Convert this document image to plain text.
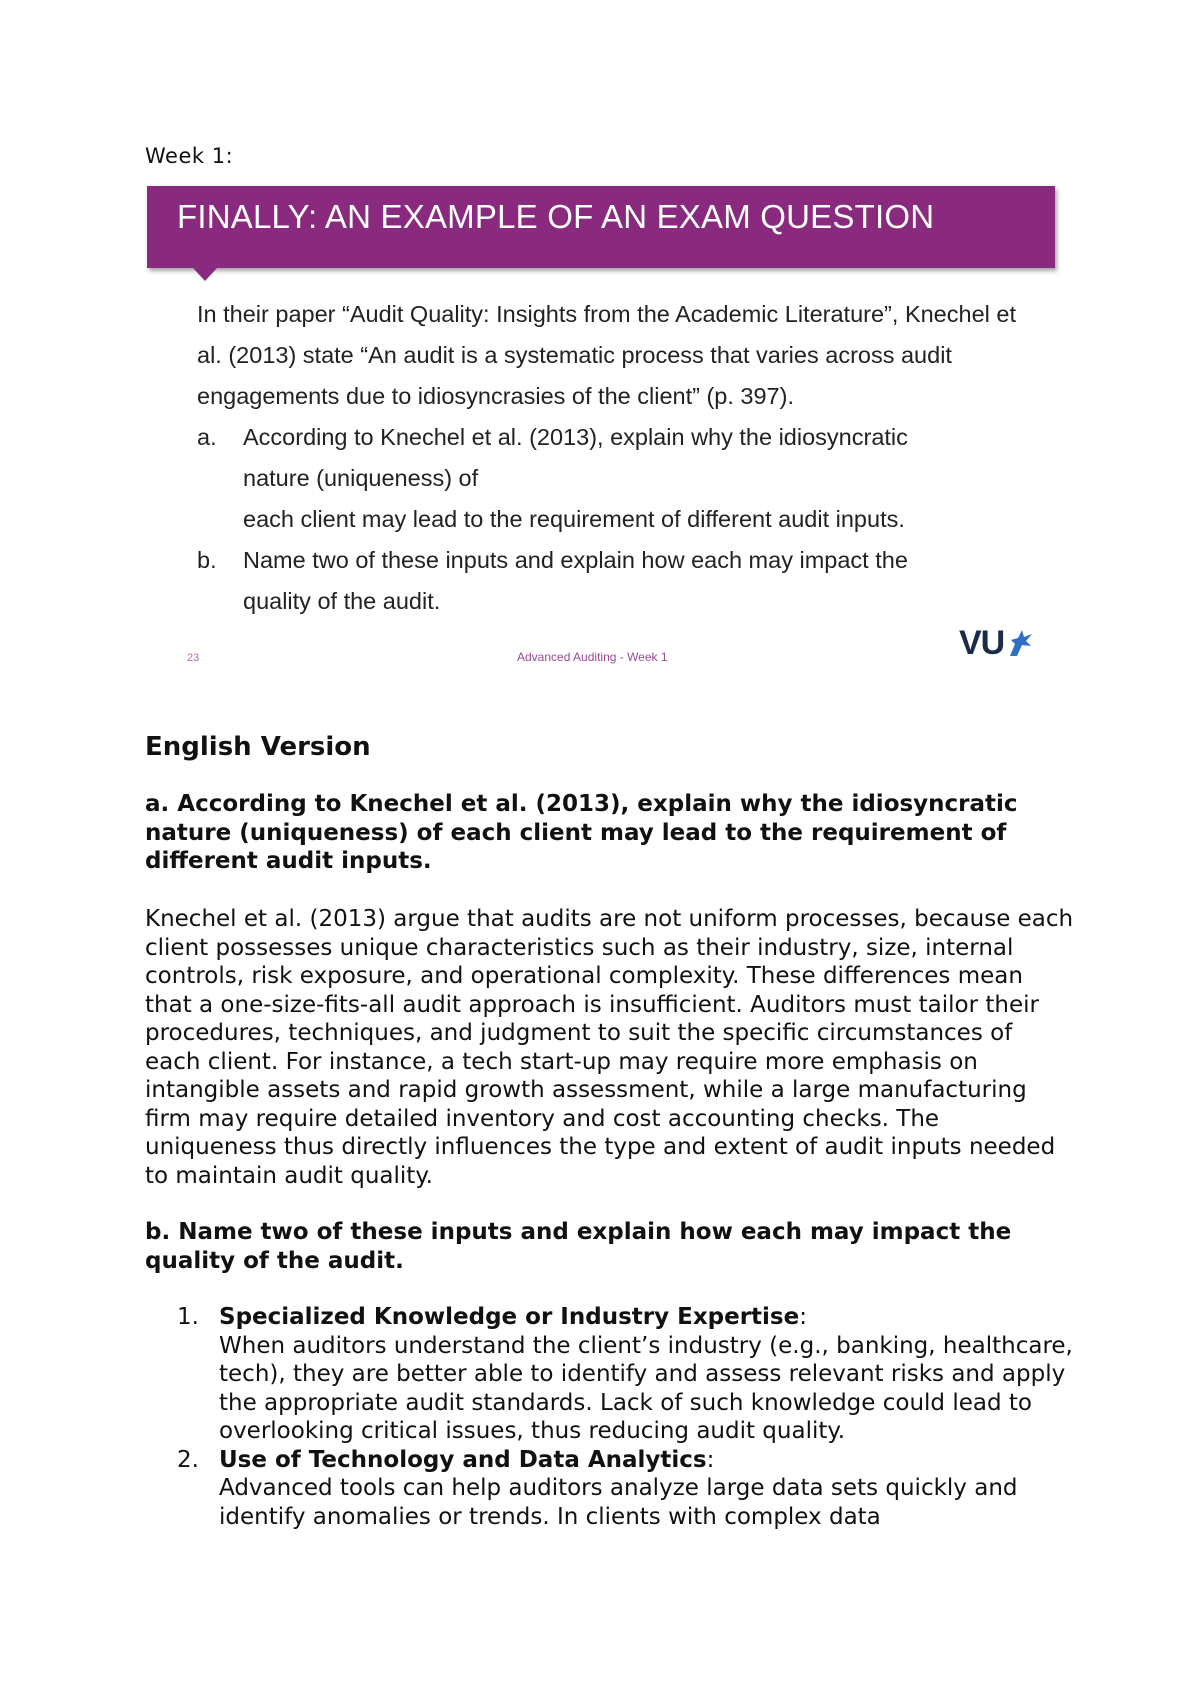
Week 1:
FINALLY: AN EXAMPLE OF AN EXAM QUESTION

In their paper “Audit Quality: Insights from the Academic Literature”, Knechel et al. (2013) state “An audit is a systematic process that varies across audit engagements due to idiosyncrasies of the client” (p. 397).

a.	According to Knechel et al. (2013), explain why the idiosyncratic
nature (uniqueness) of
each client may lead to the requirement of different audit inputs.
b.	Name two of these inputs and explain how each may impact the
quality of the audit.
23	Advanced Auditing - Week 1	VU
English Version

a. According to Knechel et al. (2013), explain why the idiosyncratic nature (uniqueness) of each client may lead to the requirement of different audit inputs.

Knechel et al. (2013) argue that audits are not uniform processes, because each client possesses unique characteristics such as their industry, size, internal controls, risk exposure, and operational complexity. These differences mean that a one-size-fits-all audit approach is insufficient. Auditors must tailor their procedures, techniques, and judgment to suit the specific circumstances of each client. For instance, a tech start-up may require more emphasis on intangible assets and rapid growth assessment, while a large manufacturing firm may require detailed inventory and cost accounting checks. The uniqueness thus directly influences the type and extent of audit inputs needed to maintain audit quality.

b. Name two of these inputs and explain how each may impact the quality of the audit.

1. Specialized Knowledge or Industry Expertise:
When auditors understand the client’s industry (e.g., banking, healthcare, tech), they are better able to identify and assess relevant risks and apply the appropriate audit standards. Lack of such knowledge could lead to overlooking critical issues, thus reducing audit quality.
2. Use of Technology and Data Analytics:
Advanced tools can help auditors analyze large data sets quickly and identify anomalies or trends. In clients with complex data
